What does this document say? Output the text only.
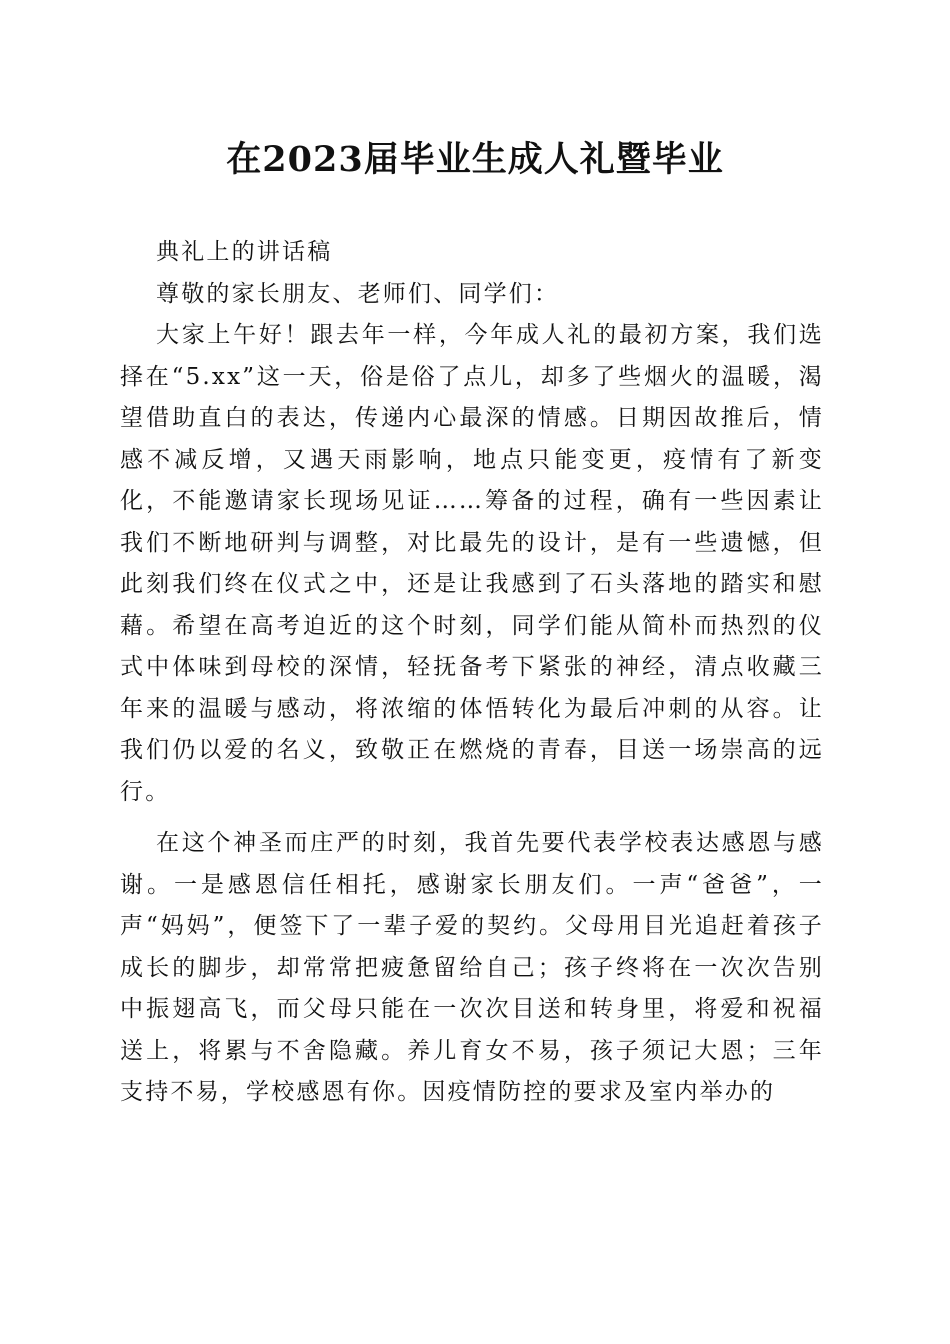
在2023届毕业生成人礼暨毕业

典礼上的讲话稿

尊敬的家长朋友、老师们、同学们：

大家上午好！跟去年一样，今年成人礼的最初方案，我们选择在“5.xx”这一天，俗是俗了点儿，却多了些烟火的温暖，渴望借助直白的表达，传递内心最深的情感。日期因故推后，情感不减反增，又遇天雨影响，地点只能变更，疫情有了新变化，不能邀请家长现场见证……筹备的过程，确有一些因素让我们不断地研判与调整，对比最先的设计，是有一些遗憾，但此刻我们终在仪式之中，还是让我感到了石头落地的踏实和慰藉。希望在高考迫近的这个时刻，同学们能从简朴而热烈的仪式中体味到母校的深情，轻抚备考下紧张的神经，清点收藏三年来的温暖与感动，将浓缩的体悟转化为最后冲刺的从容。让我们仍以爱的名义，致敬正在燃烧的青春，目送一场崇高的远行。

在这个神圣而庄严的时刻，我首先要代表学校表达感恩与感谢。一是感恩信任相托，感谢家长朋友们。一声“爸爸”，一声“妈妈”，便签下了一辈子爱的契约。父母用目光追赶着孩子成长的脚步，却常常把疲惫留给自己；孩子终将在一次次告别中振翅高飞，而父母只能在一次次目送和转身里，将爱和祝福送上，将累与不舍隐藏。养儿育女不易，孩子须记大恩；三年支持不易，学校感恩有你。因疫情防控的要求及室内举办的
